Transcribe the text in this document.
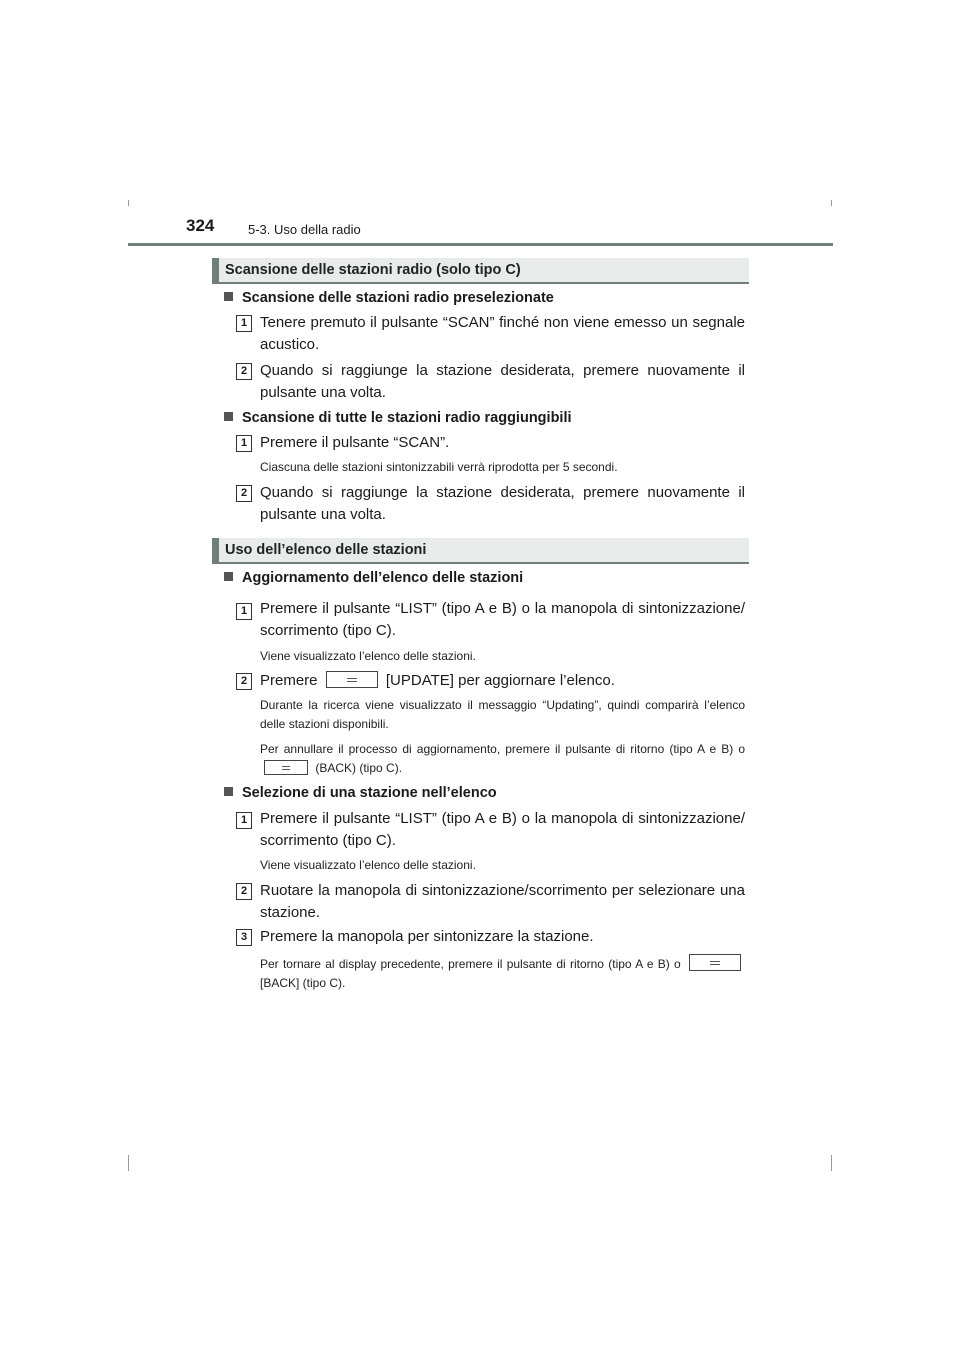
324	5-3. Uso della radio
Scansione delle stazioni radio (solo tipo C)
Scansione delle stazioni radio preselezionate
1 Tenere premuto il pulsante “SCAN” finché non viene emesso un segnale acustico.
2 Quando si raggiunge la stazione desiderata, premere nuovamente il pulsante una volta.
Scansione di tutte le stazioni radio raggiungibili
1 Premere il pulsante “SCAN”.
Ciascuna delle stazioni sintonizzabili verrà riprodotta per 5 secondi.
2 Quando si raggiunge la stazione desiderata, premere nuovamente il pulsante una volta.
Uso dell’elenco delle stazioni
Aggiornamento dell’elenco delle stazioni
1 Premere il pulsante “LIST” (tipo A e B) o la manopola di sintonizzazione/ scorrimento (tipo C).
Viene visualizzato l’elenco delle stazioni.
2 Premere	[UPDATE] per aggiornare l’elenco.
Durante la ricerca viene visualizzato il messaggio “Updating”, quindi comparirà l’elenco delle stazioni disponibili.
Per annullare il processo di aggiornamento, premere il pulsante di ritorno (tipo A e B) o  (BACK) (tipo C).
Selezione di una stazione nell’elenco
1 Premere il pulsante “LIST” (tipo A e B) o la manopola di sintonizzazione/ scorrimento (tipo C).
Viene visualizzato l’elenco delle stazioni.
2 Ruotare la manopola di sintonizzazione/scorrimento per selezionare una stazione.
3 Premere la manopola per sintonizzare la stazione.
Per tornare al display precedente, premere il pulsante di ritorno (tipo A e B) o  [BACK] (tipo C).
